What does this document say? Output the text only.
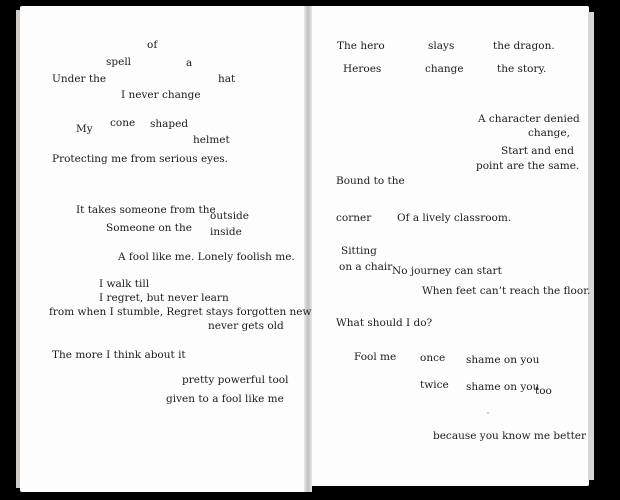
of
spell	a
Under the	hat
I never change
cone shaped
My
helmet
Protecting me from serious eyes.
It takes someone from the
outside
Someone on the inside
A fool like me. Lonely foolish me.
I walk till
I regret, but never learn
from when I stumble, Regret stays forgotten new
never gets old
The more I think about it
pretty powerful tool
given to a fool like me
The hero	slays	the dragon.
Heroes	change	the story.
A character denied
change,
Start and end
point are the same.
Bound to the
corner Of a lively classroom.
Sitting
on a chair No journey can start
When feet can’t reach the floor.
What should I do?
Fool me once shame on you
twice shame on you
too
because you know me better
